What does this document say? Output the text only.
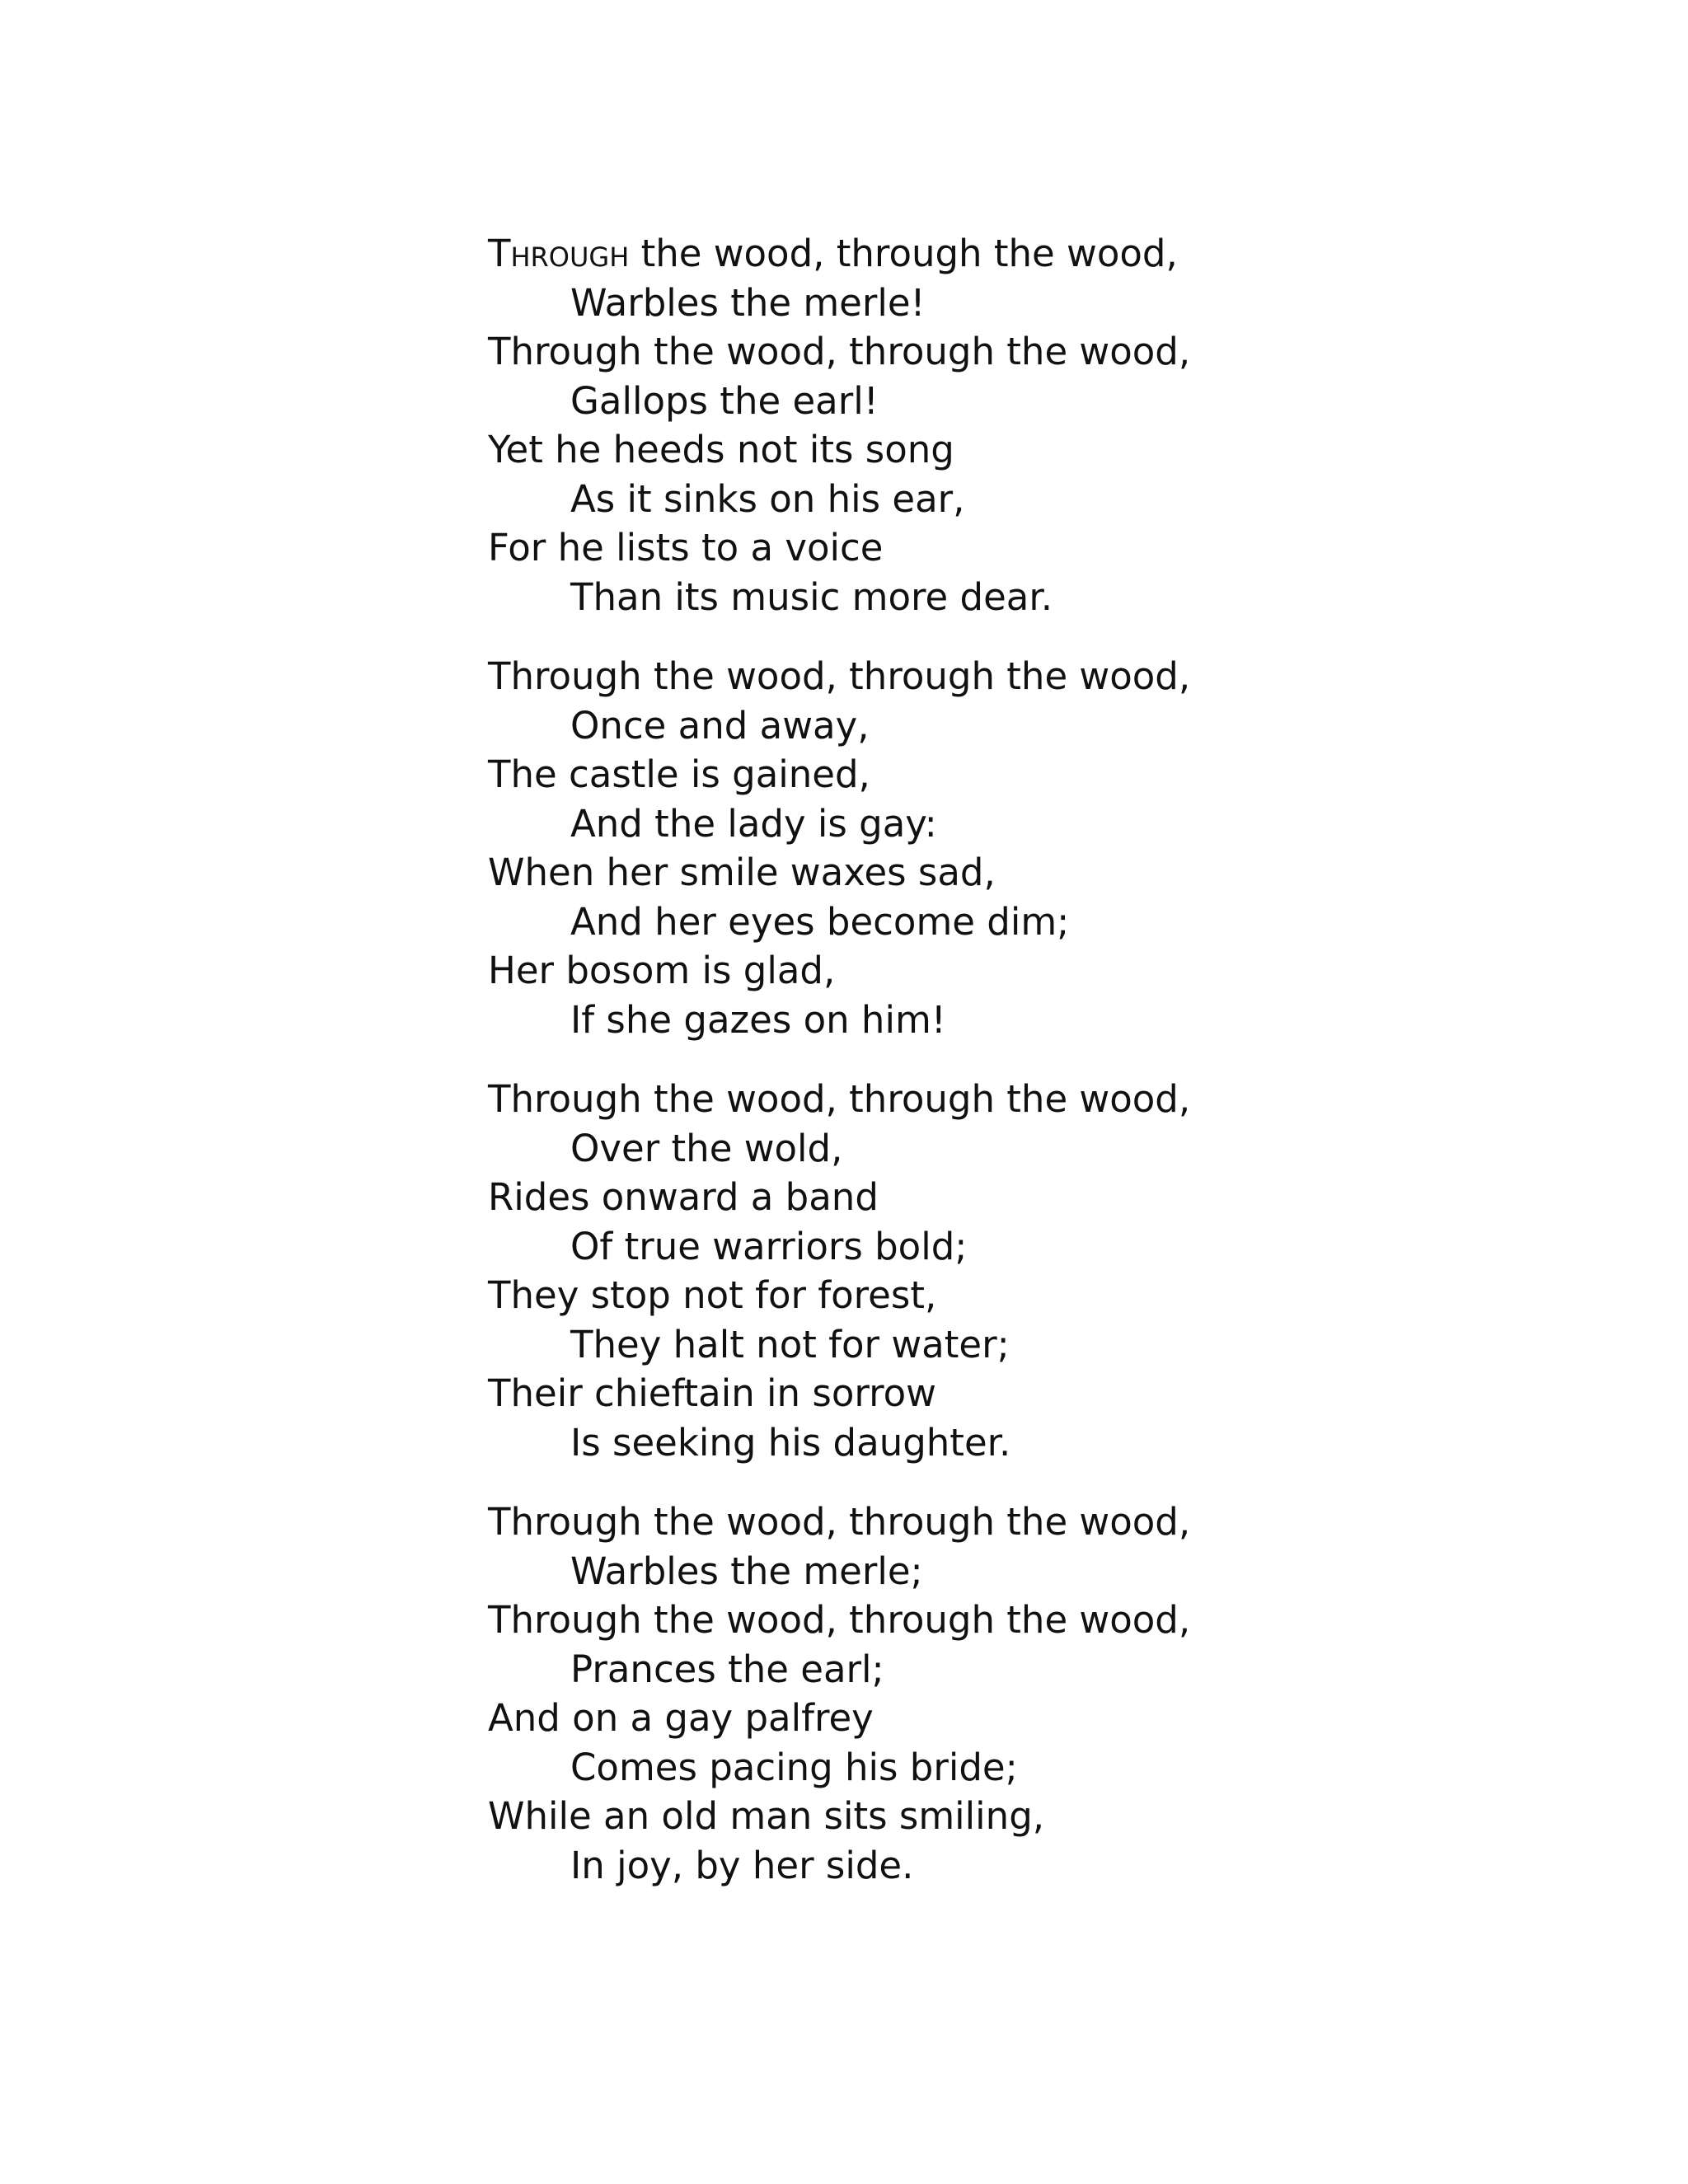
Through the wood, through the wood,
Warbles the merle!
Through the wood, through the wood,
Gallops the earl!
Yet he heeds not its song
As it sinks on his ear,
For he lists to a voice
Than its music more dear.
Through the wood, through the wood,
Once and away,
The castle is gained,
And the lady is gay:
When her smile waxes sad,
And her eyes become dim;
Her bosom is glad,
If she gazes on him!
Through the wood, through the wood,
Over the wold,
Rides onward a band
Of true warriors bold;
They stop not for forest,
They halt not for water;
Their chieftain in sorrow
Is seeking his daughter.
Through the wood, through the wood,
Warbles the merle;
Through the wood, through the wood,
Prances the earl;
And on a gay palfrey
Comes pacing his bride;
While an old man sits smiling,
In joy, by her side.
